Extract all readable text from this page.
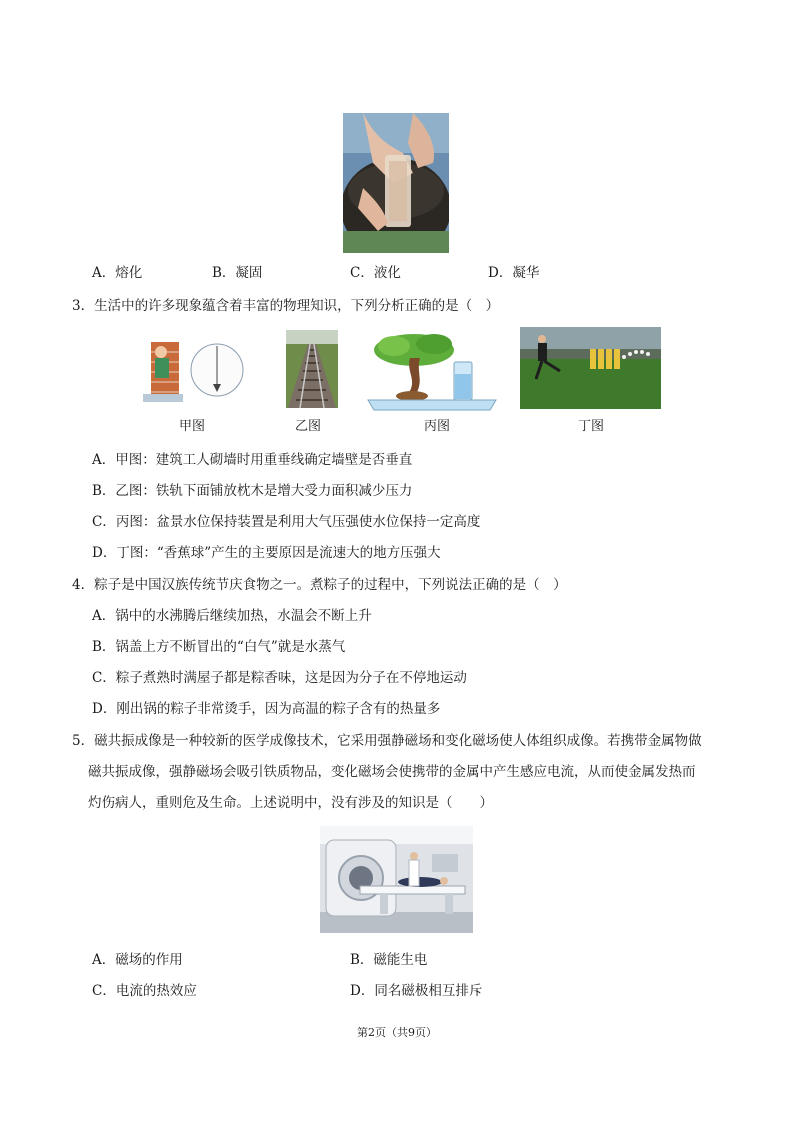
A．熔化	B．凝固	C．液化	D．凝华
3．生活中的许多现象蕴含着丰富的物理知识，下列分析正确的是（　）
甲图	乙图	丙图	丁图
A．甲图：建筑工人砌墙时用重垂线确定墙壁是否垂直
B．乙图：铁轨下面铺放枕木是增大受力面积减少压力
C．丙图：盆景水位保持装置是利用大气压强使水位保持一定高度
D．丁图：“香蕉球”产生的主要原因是流速大的地方压强大
4．粽子是中国汉族传统节庆食物之一。煮粽子的过程中，下列说法正确的是（　）
A．锅中的水沸腾后继续加热，水温会不断上升
B．锅盖上方不断冒出的“白气”就是水蒸气
C．粽子煮熟时满屋子都是粽香味，这是因为分子在不停地运动
D．刚出锅的粽子非常烫手，因为高温的粽子含有的热量多
5．磁共振成像是一种较新的医学成像技术，它采用强静磁场和变化磁场使人体组织成像。若携带金属物做
磁共振成像，强静磁场会吸引铁质物品，变化磁场会使携带的金属中产生感应电流，从而使金属发热而
灼伤病人，重则危及生命。上述说明中，没有涉及的知识是（　　）
A．磁场的作用	B．磁能生电
C．电流的热效应	D．同名磁极相互排斥
第2页（共9页）
